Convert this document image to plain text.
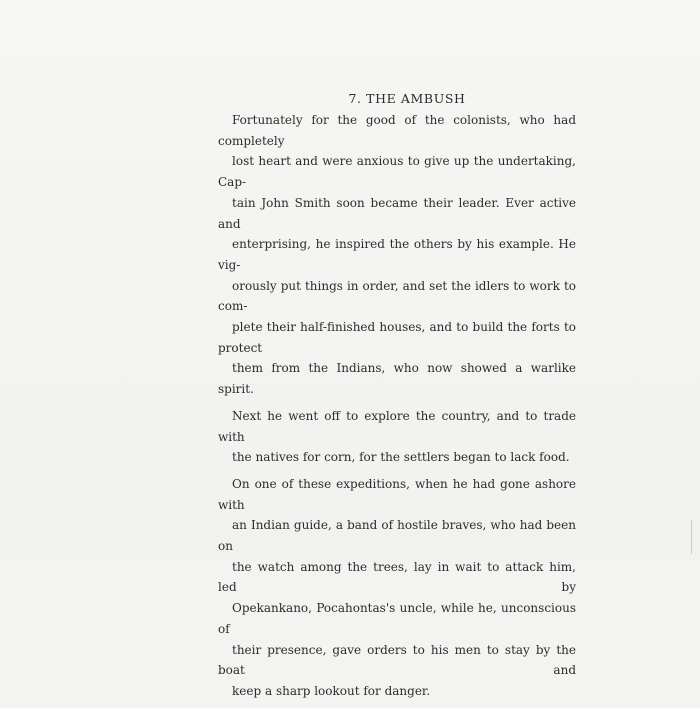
7. THE AMBUSH

Fortunately for the good of the colonists, who had completely
lost heart and were anxious to give up the undertaking, Cap-
tain John Smith soon became their leader. Ever active and
enterprising, he inspired the others by his example. He vig-
orously put things in order, and set the idlers to work to com-
plete their half-finished houses, and to build the forts to protect
them from the Indians, who now showed a warlike spirit.

Next he went off to explore the country, and to trade with
the natives for corn, for the settlers began to lack food.

On one of these expeditions, when he had gone ashore with
an Indian guide, a band of hostile braves, who had been on
the watch among the trees, lay in wait to attack him, led by
Opekankano, Pocahontas's uncle, while he, unconscious of
their presence, gave orders to his men to stay by the boat and
keep a sharp lookout for danger.
